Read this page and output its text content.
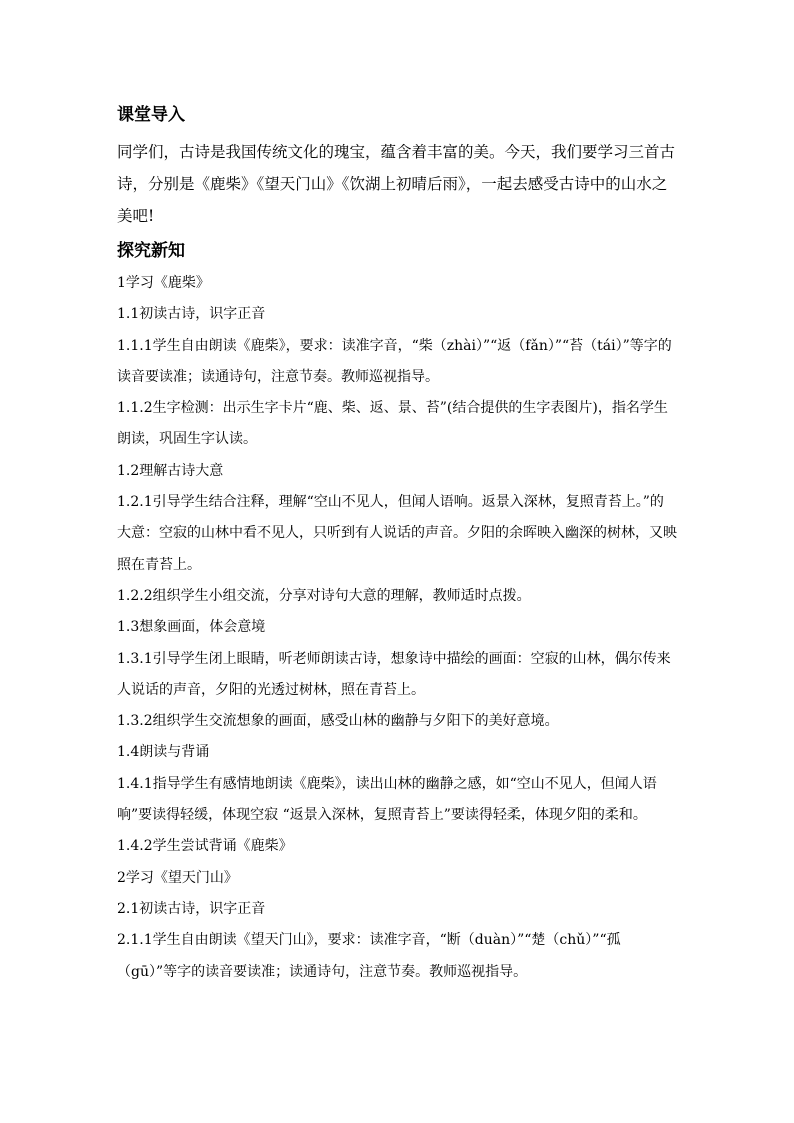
课堂导入

同学们，古诗是我国传统文化的瑰宝，蕴含着丰富的美。今天，我们要学习三首古诗，分别是《鹿柴》《望天门山》《饮湖上初晴后雨》，一起去感受古诗中的山水之美吧!

探究新知

1学习《鹿柴》

1.1初读古诗，识字正音

1.1.1学生自由朗读《鹿柴》，要求：读准字音，“柴（zhài）”“返（fǎn）”“苔（tái）”等字的读音要读准；读通诗句，注意节奏。教师巡视指导。

1.1.2生字检测：出示生字卡片“鹿、柴、返、景、苔”(结合提供的生字表图片)，指名学生朗读，巩固生字认读。

1.2理解古诗大意

1.2.1引导学生结合注释，理解“空山不见人，但闻人语响。返景入深林，复照青苔上。”的大意：空寂的山林中看不见人，只听到有人说话的声音。夕阳的余晖映入幽深的树林，又映照在青苔上。

1.2.2组织学生小组交流，分享对诗句大意的理解，教师适时点拨。

1.3想象画面，体会意境

1.3.1引导学生闭上眼睛，听老师朗读古诗，想象诗中描绘的画面：空寂的山林，偶尔传来人说话的声音，夕阳的光透过树林，照在青苔上。

1.3.2组织学生交流想象的画面，感受山林的幽静与夕阳下的美好意境。

1.4朗读与背诵

1.4.1指导学生有感情地朗读《鹿柴》，读出山林的幽静之感，如“空山不见人，但闻人语响”要读得轻缓，体现空寂 “返景入深林，复照青苔上”要读得轻柔，体现夕阳的柔和。

1.4.2学生尝试背诵《鹿柴》

2学习《望天门山》

2.1初读古诗，识字正音

2.1.1学生自由朗读《望天门山》，要求：读准字音，“断（duàn）”“楚（chǔ）”“孤（gū）”等字的读音要读准；读通诗句，注意节奏。教师巡视指导。
